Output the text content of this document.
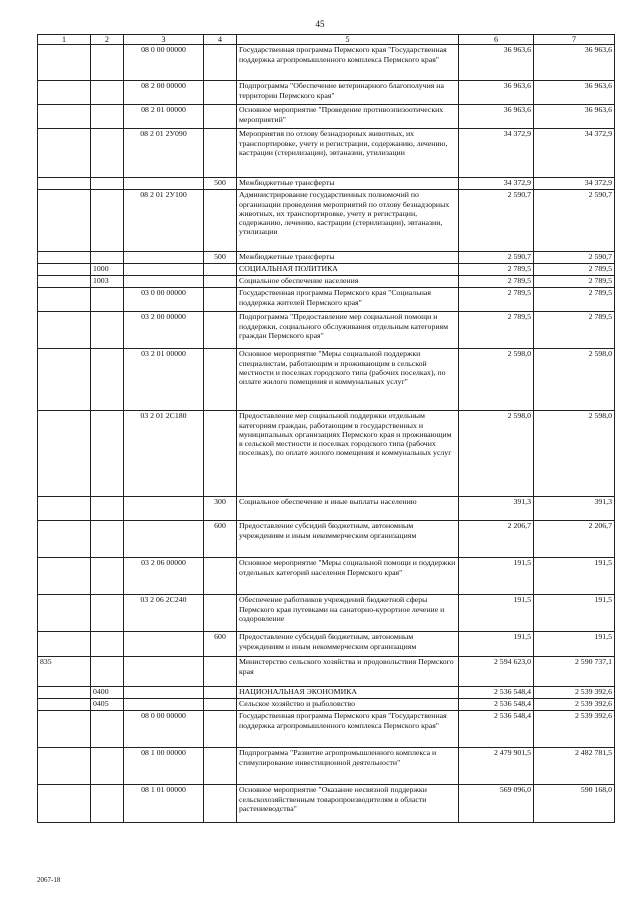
45
1	2	3	4	5	6	7
		08 0 00 00000		Государственная программа Пермского края "Государственная поддержка агропромышленного комплекса Пермского края"	36 963,6	36 963,6
		08 2 00 00000		Подпрограмма "Обеспечение ветеринарного благополучия на территории Пермского края"	36 963,6	36 963,6
		08 2 01 00000		Основное мероприятие "Проведение противоэпизоотических мероприятий"	36 963,6	36 963,6
		08 2 01 2У090		Мероприятия по отлову безнадзорных животных, их транспортировке, учету и регистрации, содержанию, лечению, кастрации (стерилизации), эвтаназии, утилизации	34 372,9	34 372,9
			500	Межбюджетные трансферты	34 372,9	34 372,9
		08 2 01 2У100		Администрирование государственных полномочий по организации проведения мероприятий по отлову безнадзорных животных, их транспортировке, учету и регистрации, содержанию, лечению, кастрации (стерилизации), эвтаназии, утилизации	2 590,7	2 590,7
			500	Межбюджетные трансферты	2 590,7	2 590,7
	1000			СОЦИАЛЬНАЯ ПОЛИТИКА	2 789,5	2 789,5
	1003			Социальное обеспечение населения	2 789,5	2 789,5
		03 0 00 00000		Государственная программа Пермского края "Социальная поддержка жителей Пермского края"	2 789,5	2 789,5
		03 2 00 00000		Подпрограмма "Предоставление мер социальной помощи и поддержки, социального обслуживания отдельным категориям граждан Пермского края"	2 789,5	2 789,5
		03 2 01 00000		Основное мероприятие "Меры социальной поддержки специалистам, работающим и проживающим в сельской местности и поселках городского типа (рабочих поселках), по оплате жилого помещения и коммунальных услуг"	2 598,0	2 598,0
		03 2 01 2С180		Предоставление мер социальной поддержки отдельным категориям граждан, работающим в государственных и муниципальных организациях Пермского края и проживающим в сельской местности и поселках городского типа (рабочих поселках), по оплате жилого помещения и коммунальных услуг	2 598,0	2 598,0
			300	Социальное обеспечение и иные выплаты населению	391,3	391,3
			600	Предоставление субсидий бюджетным, автономным учреждениям и иным некоммерческим организациям	2 206,7	2 206,7
		03 2 06 00000		Основное мероприятие "Меры социальной помощи и поддержки отдельных категорий населения Пермского края"	191,5	191,5
		03 2 06 2С240		Обеспечение работников учреждений бюджетной сферы Пермского края путевками на санаторно-курортное лечение и оздоровление	191,5	191,5
			600	Предоставление субсидий бюджетным, автономным учреждениям и иным некоммерческим организациям	191,5	191,5
835				Министерство сельского хозяйства и продовольствия Пермского края	2 594 623,0	2 590 737,1
	0400			НАЦИОНАЛЬНАЯ ЭКОНОМИКА	2 536 548,4	2 539 392,6
	0405			Сельское хозяйство и рыболовство	2 536 548,4	2 539 392,6
		08 0 00 00000		Государственная программа Пермского края "Государственная поддержка агропромышленного комплекса Пермского края"	2 536 548,4	2 539 392,6
		08 1 00 00000		Подпрограмма "Развитие агропромышленного комплекса и стимулирование инвестиционной деятельности"	2 479 901,5	2 482 781,5
		08 1 01 00000		Основное мероприятие "Оказание несвязной поддержки сельскохозяйственным товаропроизводителям в области растениеводства"	569 096,0	590 168,0
2067-18
